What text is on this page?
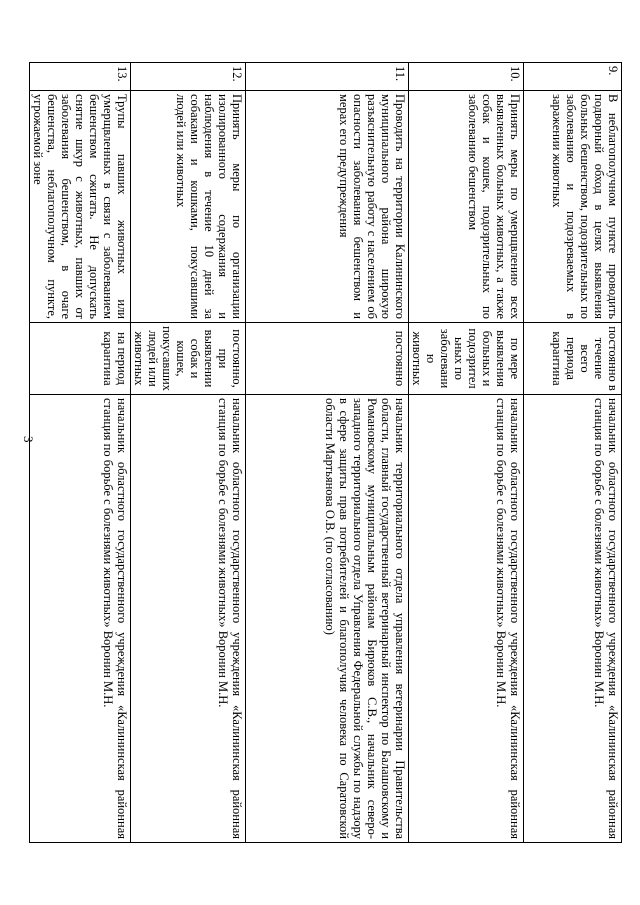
3
9.	В неблагополучном пункте проводить подворный обход в целях выявления больных бешенством, подозрительных по заболеванию и подозреваемых в заражении животных	постоянно в течение всего периода карантина	начальник областного государственного учреждения «Калининская районная станция по борьбе с болезнями животных» Воронин М.Н.
10.	Принять меры по умерщвлению всех выявленных больных животных, а также собак и кошек, подозрительных по заболеванию бешенством	по мере выявления больных и подозрительных по заболеванию животных	начальник областного государственного учреждения «Калининская районная станция по борьбе с болезнями животных» Воронин М.Н.
11.	Проводить на территории Калининского муниципального района широкую разъяснительную работу с населением об опасности заболевания бешенством и мерах его предупреждения	постоянно	начальник территориального отдела управления ветеринарии Правительства области, главный государственный ветеринарный инспектор по Балашовскому и Романовскому муниципальным районам Бирюков С.В., начальник северо-западного территориального отдела Управления Федеральной службы по надзору в сфере защиты прав потребителей и благополучия человека по Саратовской области Мартьянова О.В. (по согласованию)
12.	Принять меры по организации изолированного содержания и наблюдения в течение 10 дней за собаками и кошками, покусавшими людей или животных	постоянно, при выявлении собак и кошек, покусавших людей или животных	начальник областного государственного учреждения «Калининская районная станция по борьбе с болезнями животных» Воронин М.Н.
13.	Трупы павших животных или умерщвленных в связи с заболеванием бешенством сжигать. Не допускать снятие шкур с животных, павших от заболевания бешенством, в очаге бешенства, неблагополучном пункте, угрожаемой зоне	на период карантина	начальник областного государственного учреждения «Калининская районная станция по борьбе с болезнями животных» Воронин М.Н.
